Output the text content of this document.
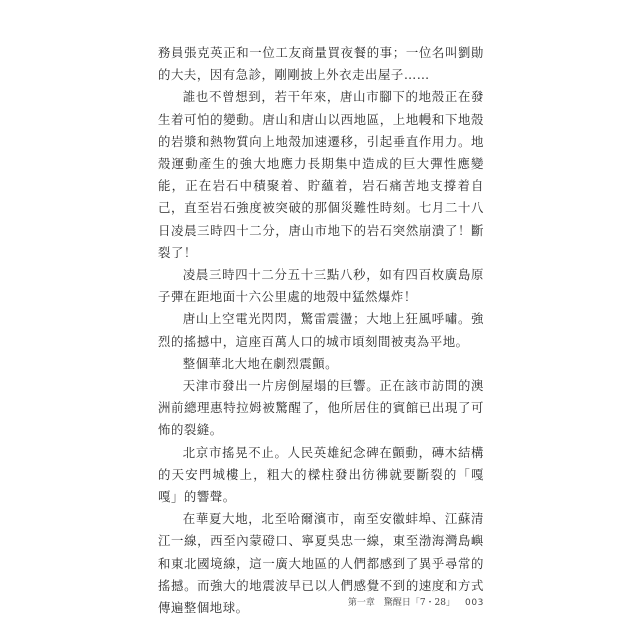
務員張克英正和一位工友商量買夜餐的事；一位名叫劉勛的大夫，因有急診，剛剛披上外衣走出屋子……

誰也不曾想到，若干年來，唐山市腳下的地殼正在發生着可怕的變動。唐山和唐山以西地區，上地幔和下地殼的岩漿和熱物質向上地殼加速遷移，引起垂直作用力。地殼運動產生的強大地應力長期集中造成的巨大彈性應變能，正在岩石中積聚着、貯蘊着，岩石痛苦地支撐着自己，直至岩石強度被突破的那個災難性時刻。七月二十八日凌晨三時四十二分，唐山市地下的岩石突然崩潰了！斷裂了！

凌晨三時四十二分五十三點八秒，如有四百枚廣島原子彈在距地面十六公里處的地殼中猛然爆炸！

唐山上空電光閃閃，驚雷震盪；大地上狂風呼嘯。強烈的搖撼中，這座百萬人口的城市頃刻間被夷為平地。

整個華北大地在劇烈震顫。

天津市發出一片房倒屋塌的巨響。正在該市訪問的澳洲前總理惠特拉姆被驚醒了，他所居住的賓館已出現了可怖的裂縫。

北京市搖晃不止。人民英雄紀念碑在顫動，磚木結構的天安門城樓上，粗大的樑柱發出彷彿就要斷裂的「嘎嘎」的響聲。

在華夏大地，北至哈爾濱市，南至安徽蚌埠、江蘇清江一線，西至內蒙磴口、寧夏吳忠一線，東至渤海灣島嶼和東北國境線，這一廣大地區的人們都感到了異乎尋常的搖撼。而強大的地震波早已以人們感覺不到的速度和方式傳遍整個地球。	第一章　驚醒日「7・28」 003
